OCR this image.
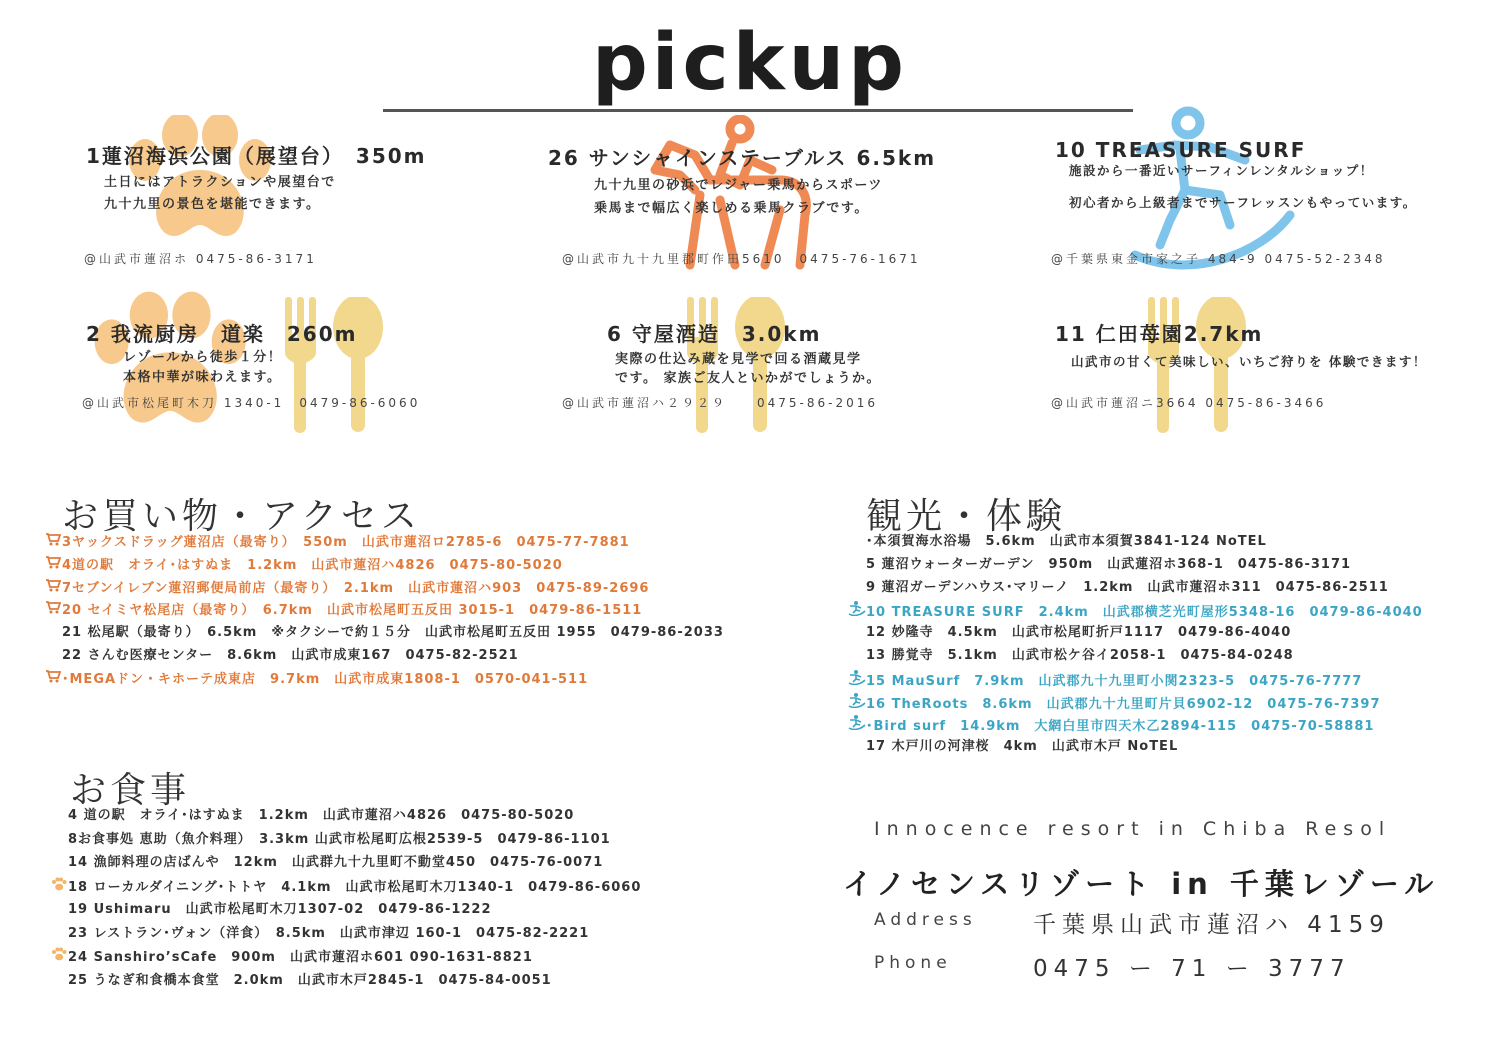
pickup
1蓮沼海浜公園（展望台）　350m
土日にはアトラクションや展望台で
九十九里の景色を堪能できます。
@山武市蓮沼ホ 0475-86-3171
26 サンシャインステーブルス 6.5km
九十九里の砂浜でレジャー乗馬からスポーツ
乗馬まで幅広く楽しめる乗馬クラブです。
@山武市九十九里郡町作田5610　0475-76-1671
10 TREASURE SURF
施設から一番近いサーフィンレンタルショップ！

初心者から上級者までサーフレッスンもやっています。
@千葉県東金市家之子 484-9 0475-52-2348
2 我流厨房　道楽　260m
レゾールから徒歩１分！
本格中華が味わえます。
@山武市松尾町木刀 1340-1　0479-86-6060
6 守屋酒造　3.0km
実際の仕込み蔵を見学で回る酒蔵見学
です。 家族ご友人といかがでしょうか。
@山武市蓮沼ハ２９２９　　0475-86-2016
11 仁田苺園2.7km
山武市の甘くて美味しい、いちご狩りを 体験できます！
@山武市蓮沼ニ3664 0475-86-3466
お買い物・アクセス
3ヤックスドラッグ蓮沼店（最寄り）　550m　山武市蓮沼ロ2785-6　0475-77-7881
4道の駅　オライ･はすぬま　1.2km　山武市蓮沼ハ4826　0475-80-5020
7セブンイレブン蓮沼郵便局前店（最寄り）　2.1km　山武市蓮沼ハ903　0475-89-2696
20 セイミヤ松尾店（最寄り）　6.7km　山武市松尾町五反田 3015-1　0479-86-1511
21 松尾駅（最寄り）　6.5km　※タクシーで約１５分　山武市松尾町五反田 1955　0479-86-2033
22 さんむ医療センター　8.6km　山武市成東167　0475-82-2521
･MEGAドン・キホーテ成東店　9.7km　山武市成東1808-1　0570-041-511
観光・体験
･本須賀海水浴場　5.6km　山武市本須賀3841-124 NoTEL
5 蓮沼ウォーターガーデン　950m　山武蓮沼ホ368-1　0475-86-3171
9 蓮沼ガーデンハウス･マリーノ　1.2km　山武市蓮沼ホ311　0475-86-2511
10 TREASURE SURF　2.4km　山武郡横芝光町屋形5348-16　0479-86-4040
12 妙隆寺　4.5km　山武市松尾町折戸1117　0479-86-4040
13 勝覚寺　5.1km　山武市松ケ谷イ2058-1　0475-84-0248
15 MauSurf　7.9km　山武郡九十九里町小関2323-5　0475-76-7777
16 TheRoots　8.6km　山武郡九十九里町片貝6902-12　0475-76-7397
･Bird surf　14.9km　大網白里市四天木乙2894-115　0475-70-58881
17 木戸川の河津桜　4km　山武市木戸 NoTEL
お食事
4 道の駅　オライ･はすぬま　1.2km　山武市蓮沼ハ4826　0475-80-5020
8お食事処 恵助（魚介料理）　3.3km 山武市松尾町広根2539-5　0479-86-1101
14 漁師料理の店ばんや　12km　山武群九十九里町不動堂450　0475-76-0071
18 ローカルダイニング･トトヤ　4.1km　山武市松尾町木刀1340-1　0479-86-6060
19 Ushimaru　山武市松尾町木刀1307-02　0479-86-1222
23 レストラン･ヴォン（洋食）　8.5km　山武市津辺 160-1　0475-82-2221
24 Sanshiro’sCafe　900m　山武市蓮沼ホ601 090-1631-8821
25 うなぎ和食橋本食堂　2.0km　山武市木戸2845-1　0475-84-0051
Innocence resort in Chiba Resol
イノセンスリゾート in 千葉レゾール
Address 千葉県山武市蓮沼ハ 4159
Phone	0475 ー 71 ー 3777
